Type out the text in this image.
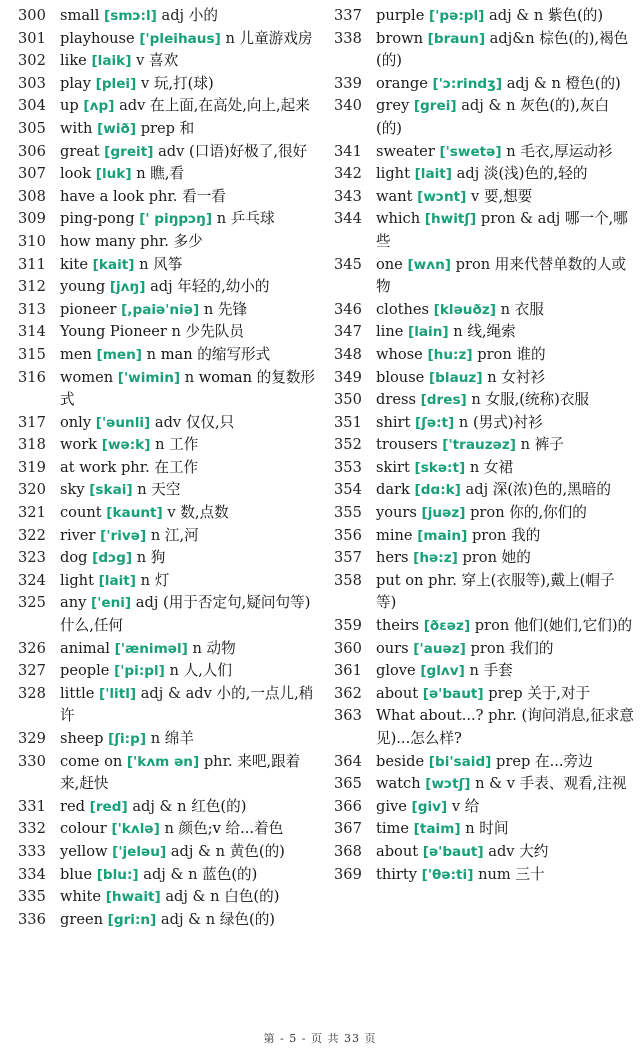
300 small [smɔ:l] adj 小的
301 playhouse ['pleihaus] n 儿童游戏房
302 like [laik] v 喜欢
303 play [plei] v 玩,打(球)
304 up [ʌp] adv 在上面,在高处,向上,起来
305 with [wið] prep 和
306 great [greit] adv (口语)好极了,很好
307 look [luk] n 瞧,看
308 have a look phr. 看一看
309 ping-pong [' piŋpɔŋ] n 乒乓球
310 how many phr. 多少
311 kite [kait] n 风筝
312 young [jʌŋ] adj 年轻的,幼小的
313 pioneer [,paiə'niə] n 先锋
314 Young Pioneer n 少先队员
315 men [men] n man 的缩写形式
316 women ['wimin] n woman 的复数形式
317 only ['əunli] adv 仅仅,只
318 work [wə:k] n 工作
319 at work phr. 在工作
320 sky [skai] n 天空
321 count [kaunt] v 数,点数
322 river ['rivə] n 江,河
323 dog [dɔg] n 狗
324 light [lait] n 灯
325 any ['eni] adj (用于否定句,疑问句等)什么,任何
326 animal ['æniməl] n 动物
327 people ['pi:pl] n 人,人们
328 little ['litl] adj & adv 小的,一点儿,稍许
329 sheep [ʃi:p] n 绵羊
330 come on ['kʌm ən] phr. 来吧,跟着来,赶快
331 red [red] adj & n 红色(的)
332 colour ['kʌlə] n 颜色;v 给...着色
333 yellow ['jeləu] adj & n 黄色(的)
334 blue [blu:] adj & n 蓝色(的)
335 white [hwait] adj & n 白色(的)
336 green [gri:n] adj & n 绿色(的)
337 purple ['pə:pl] adj & n 紫色(的)
338 brown [braun] adj&n 棕色(的),褐色(的)
339 orange ['ɔ:rindʒ] adj & n 橙色(的)
340 grey [grei] adj & n 灰色(的),灰白(的)
341 sweater ['swetə] n 毛衣,厚运动衫
342 light [lait] adj 淡(浅)色的,轻的
343 want [wɔnt] v 要,想要
344 which [hwitʃ] pron & adj 哪一个,哪些
345 one [wʌn] pron 用来代替单数的人或物
346 clothes [kləuðz] n 衣服
347 line [lain] n 线,绳索
348 whose [hu:z] pron 谁的
349 blouse [blauz] n 女衬衫
350 dress [dres] n 女服,(统称)衣服
351 shirt [ʃə:t] n (男式)衬衫
352 trousers ['trauzəz] n 裤子
353 skirt [skə:t] n 女裙
354 dark [dɑ:k] adj 深(浓)色的,黑暗的
355 yours [juəz] pron 你的,你们的
356 mine [main] pron 我的
357 hers [hə:z] pron 她的
358 put on phr. 穿上(衣服等),戴上(帽子等)
359 theirs [ðɛəz] pron 他们(她们,它们)的
360 ours ['auəz] pron 我们的
361 glove [glʌv] n 手套
362 about [ə'baut] prep 关于,对于
363 What about...? phr. (询问消息,征求意 见)...怎么样?
364 beside [bi'said] prep 在...旁边
365 watch [wɔtʃ] n & v 手表、观看,注视
366 give [giv] v 给
367 time [taim] n 时间
368 about [ə'baut] adv 大约
369 thirty ['θə:ti] num 三十
第 - 5 - 页 共 33 页
